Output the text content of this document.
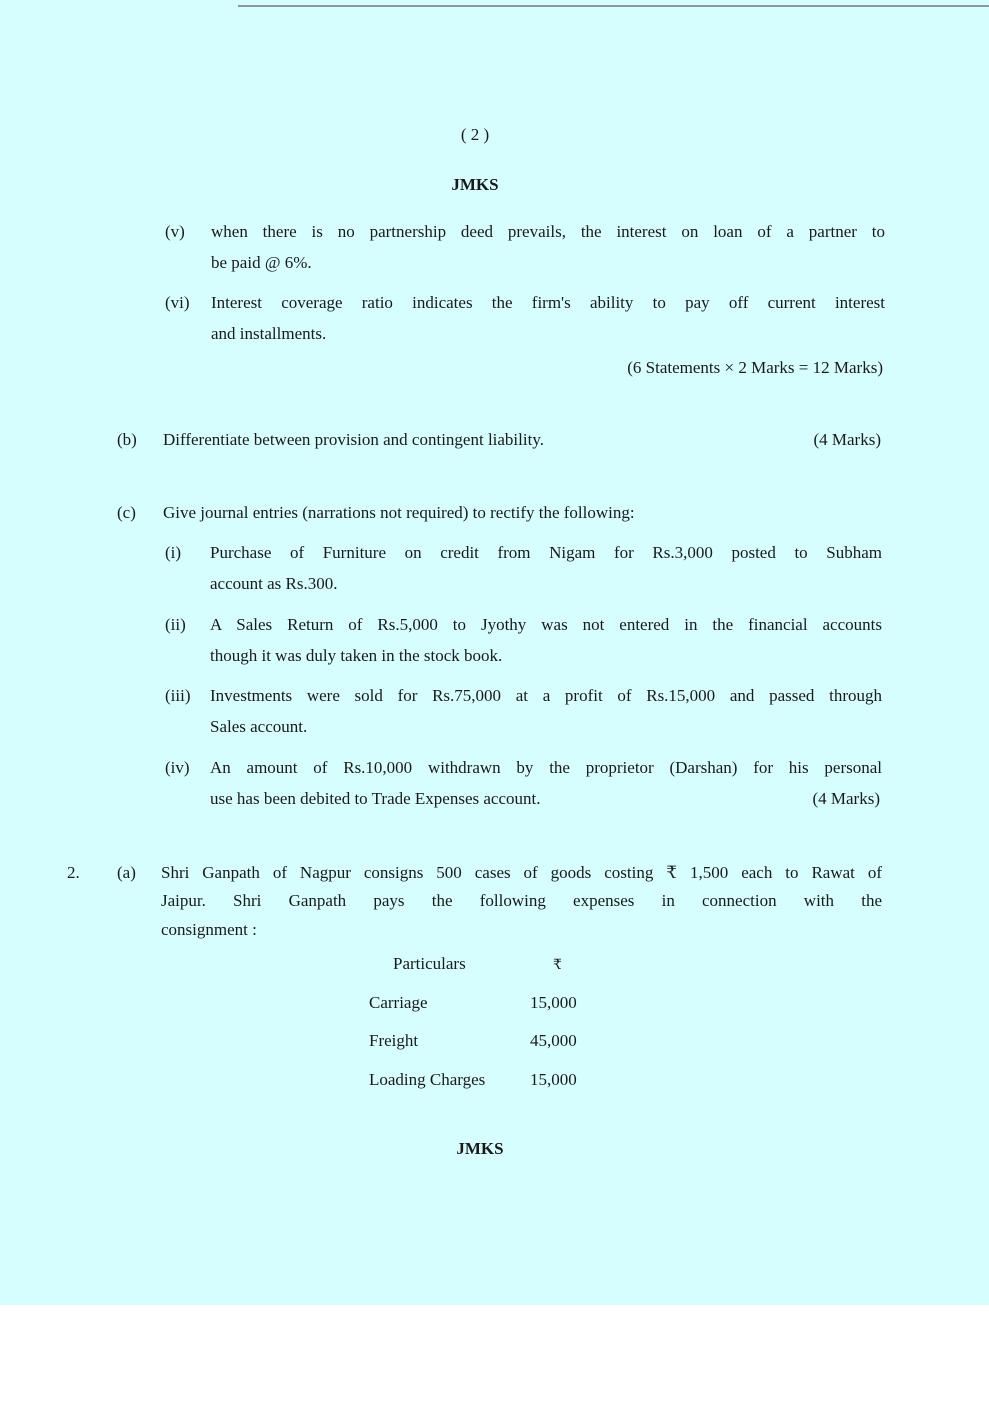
( 2 )
JMKS
(v) when there is no partnership deed prevails, the interest on loan of a partner to
be paid @ 6%.
(vi) Interest coverage ratio indicates the firm's ability to pay off current interest
and installments.
(6 Statements × 2 Marks = 12 Marks)
(b) Differentiate between provision and contingent liability.	(4 Marks)
(c) Give journal entries (narrations not required) to rectify the following:
(i) Purchase of Furniture on credit from Nigam for Rs.3,000 posted to Subham
account as Rs.300.
(ii) A Sales Return of Rs.5,000 to Jyothy was not entered in the financial accounts
though it was duly taken in the stock book.
(iii) Investments were sold for Rs.75,000 at a profit of Rs.15,000 and passed through
Sales account.
(iv) An amount of Rs.10,000 withdrawn by the proprietor (Darshan) for his personal
use has been debited to Trade Expenses account.	(4 Marks)
2. (a) Shri Ganpath of Nagpur consigns 500 cases of goods costing ₹ 1,500 each to Rawat of
Jaipur. Shri Ganpath pays the following expenses in connection with the
consignment :
Particulars	₹
Carriage	15,000
Freight	45,000
Loading Charges	15,000
JMKS
